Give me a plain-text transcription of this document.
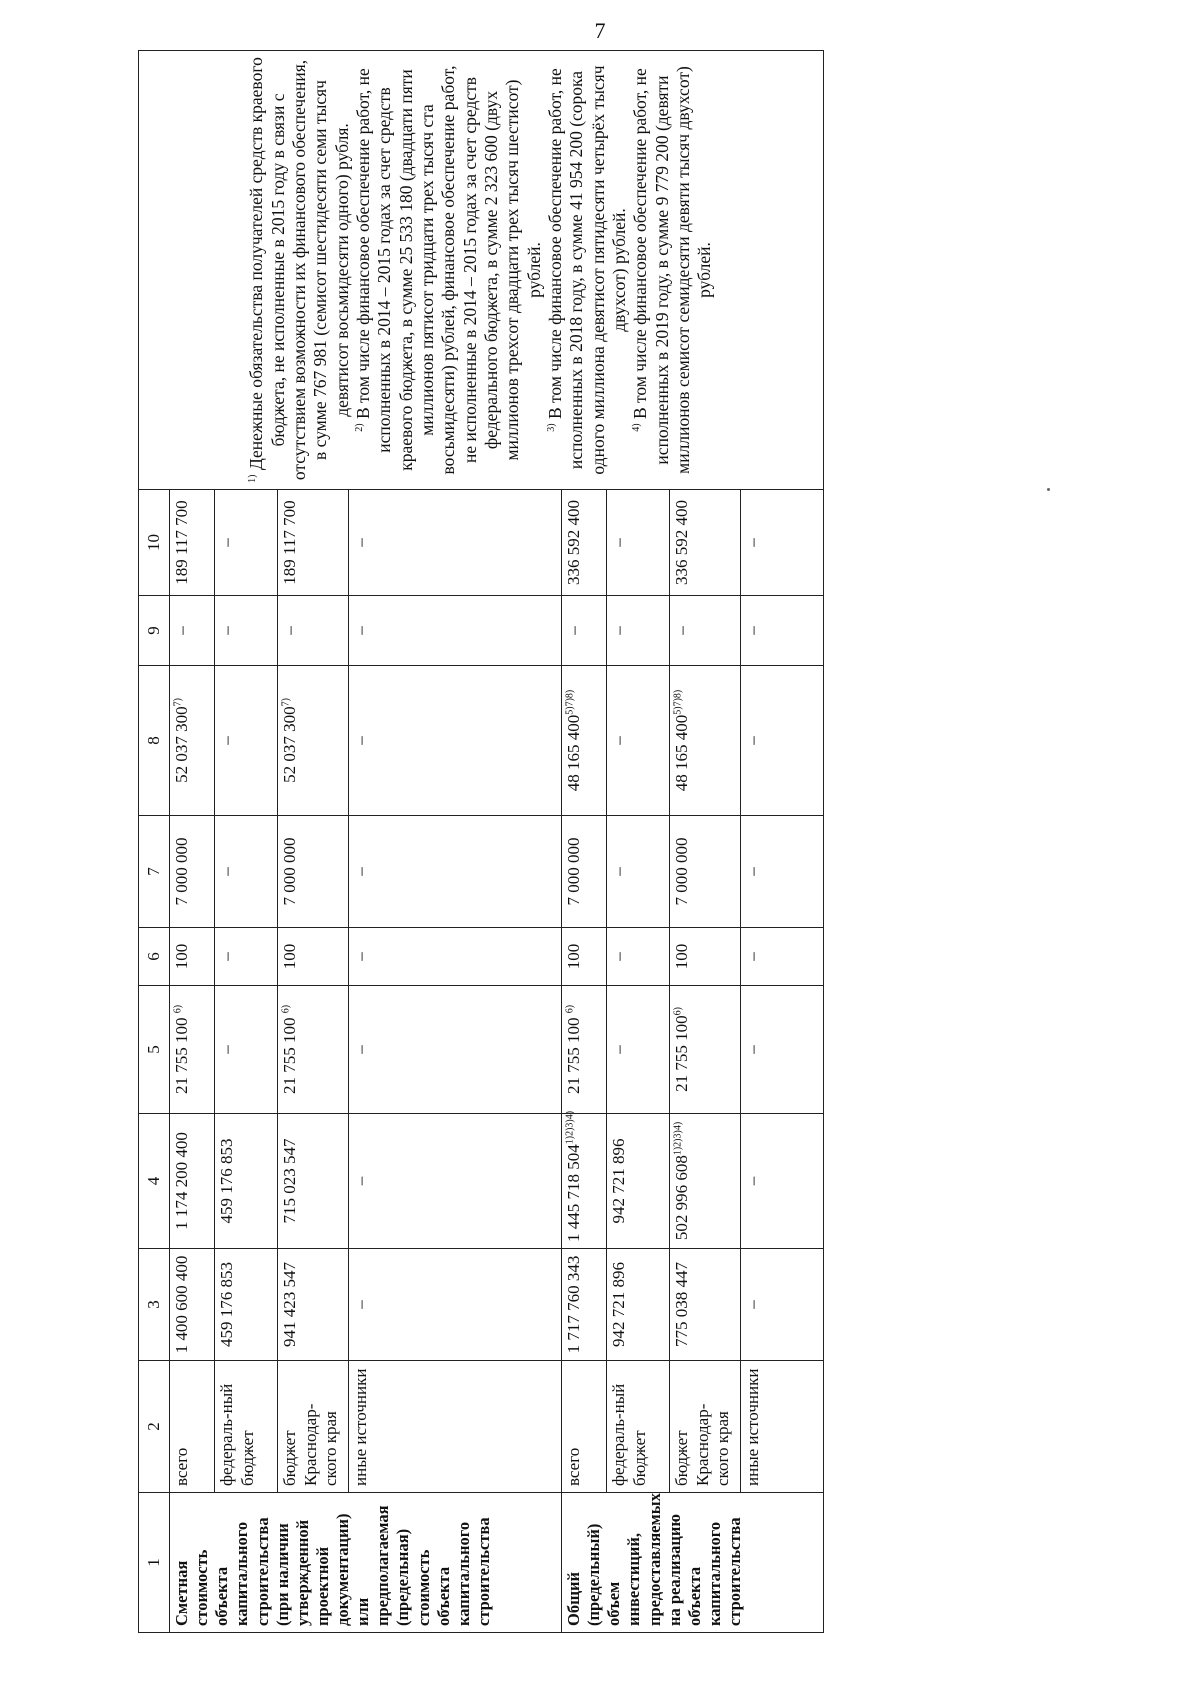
7
1	2	3	4	5	6	7	8	9	10	$^{1)}$ Денежные обязательства получателей средств краевого бюджета, не исполненные в 2015 году в связи с отсутствием возможности их финансового обеспечения, в сумме 767 981 (семисот шестидесяти семи тысяч девятисот восьмидесяти одного) рубля.

$^{2)}$ В том числе финансовое обеспечение работ, не исполненных в 2014 – 2015 годах за счет средств краевого бюджета, в сумме 25 533 180 (двадцати пяти миллионов пятисот тридцати трех тысяч ста восьмидесяти) рублей, финансовое обеспечение работ, не исполненные в 2014 – 2015 годах за счет средств федерального бюджета, в сумме 2 323 600 (двух миллионов трехсот двадцати трех тысяч шестисот) рублей.

$^{3)}$ В том числе финансовое обеспечение работ, не исполненных в 2018 году, в сумме 41 954 200 (сорока одного миллиона девятисот пятидесяти четырёх тысяч двухсот) рублей.

$^{4)}$ В том числе финансовое обеспечение работ, не исполненных в 2019 году, в сумме 9 779 200 (девяти миллионов семисот семидесяти девяти тысяч двухсот) рублей.

Сметная стоимость объекта капитального строительства (при наличии утвержденной проектной документации) или предполагаемая (предельная) стоимость объекта капитального строительства	всего	1 400 600 400	1 174 200 400	21 755 100 $^{6)}$	100	7 000 000	52 037 300$^{7)}$	–	189 117 700	
	федераль-ный бюджет	459 176 853	459 176 853	–	–	–	–	–	–	
	бюджет Краснодар-ского края	941 423 547	715 023 547	21 755 100 $^{6)}$	100	7 000 000	52 037 300$^{7)}$	–	189 117 700	
	иные источники	–	–	–	–	–	–	–	–	
Общий (предельный) объем инвестиций, предоставляемых на реализацию объекта капитального строительства	всего	1 717 760 343	1 445 718 $504^{1)2)3)4)}$	21 755 100 $^{6)}$	100	7 000 000	48 165 $400^{5)7)8)}$	–	336 592 400	
	федераль-ный бюджет	942 721 896	942 721 896	–	–	–	–	–	–	
	бюджет Краснодар-ского края	775 038 447	502 996 $608^{1)2)3)4)}$	21 755 100$^{6)}$	100	7 000 000	48 165 $400^{5)7)8)}$	–	336 592 400	
	иные источники	–	–	–	–	–	–	–	–	
